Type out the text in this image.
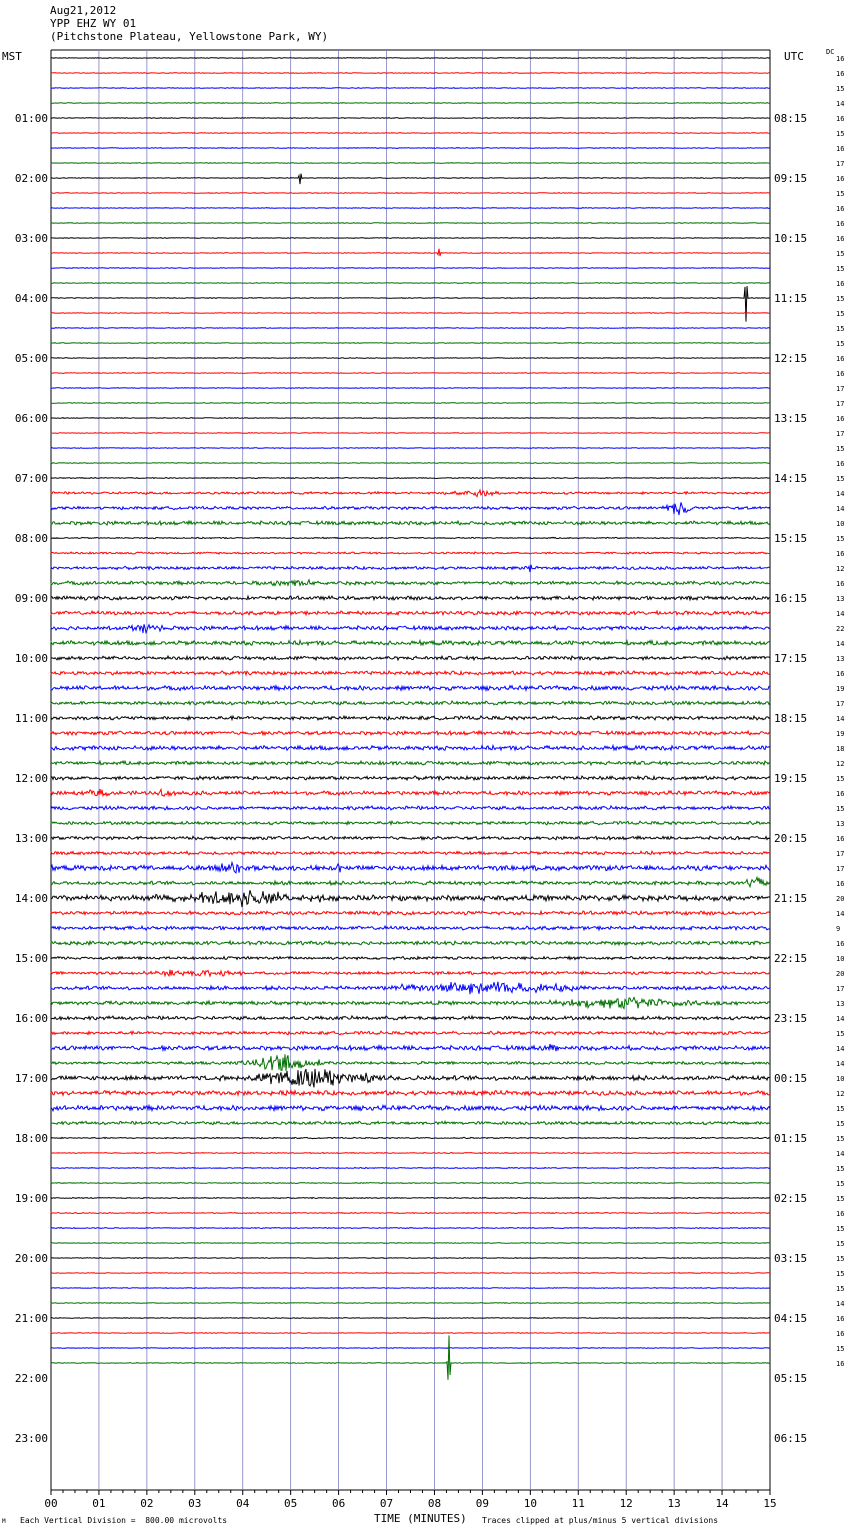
Aug21,2012
YPP EHZ WY 01
(Pitchstone Plateau, Yellowstone Park, WY)
MST	UTC	DC
00	01	02	03	04	05	06	07	08	09	10	11	12	13	14	15
16
16
15
14
16
15
16
17
16
15
16
16
16
15
15
16
15
15
15
15
16
16
17
17
16
17
15
16
15
14
14
10
15
16
12
16
13
14
22
14
13
16
19
17
14
19
18
12
15
16
15
13
16
17
17
16
20
14
9
16
10
20
17
13
14
15
14
14
10
12
15
15
15
14
15
15
15
16
15
15
15
15
15
14
16
16
15
16
01:00	08:15
02:00	09:15
03:00	10:15
04:00	11:15
05:00	12:15
06:00	13:15
07:00	14:15
08:00	15:15
09:00	16:15
10:00	17:15
11:00	18:15
12:00	19:15
13:00	20:15
14:00	21:15
15:00	22:15
16:00	23:15
17:00	00:15
18:00	01:15
19:00	02:15
20:00	03:15
21:00	04:15
22:00	05:15
23:00	06:15
M Each Vertical Division =  800.00 microvolts	TIME (MINUTES) Traces clipped at plus/minus 5 vertical divisions
